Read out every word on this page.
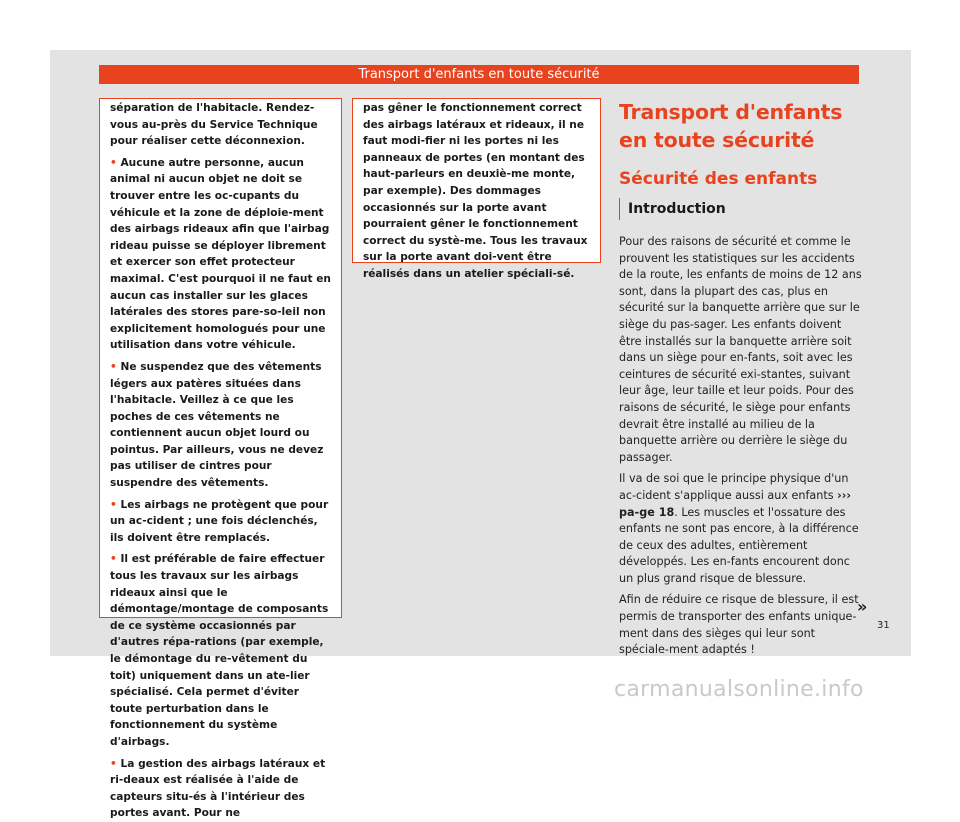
Transport d'enfants en toute sécurité

séparation de l'habitacle. Rendez-vous au-près du Service Technique pour réaliser cette déconnexion.

• Aucune autre personne, aucun animal ni aucun objet ne doit se trouver entre les oc-cupants du véhicule et la zone de déploie-ment des airbags rideaux afin que l'airbag rideau puisse se déployer librement et exercer son effet protecteur maximal. C'est pourquoi il ne faut en aucun cas installer sur les glaces latérales des stores pare-so-leil non explicitement homologués pour une utilisation dans votre véhicule.

• Ne suspendez que des vêtements légers aux patères situées dans l'habitacle. Veillez à ce que les poches de ces vêtements ne contiennent aucun objet lourd ou pointus. Par ailleurs, vous ne devez pas utiliser de cintres pour suspendre des vêtements.

• Les airbags ne protègent que pour un ac-cident ; une fois déclenchés, ils doivent être remplacés.

• Il est préférable de faire effectuer tous les travaux sur les airbags rideaux ainsi que le démontage/montage de composants de ce système occasionnés par d'autres répa-rations (par exemple, le démontage du re-vêtement du toit) uniquement dans un ate-lier spécialisé. Cela permet d'éviter toute perturbation dans le fonctionnement du système d'airbags.

• La gestion des airbags latéraux et ri-deaux est réalisée à l'aide de capteurs situ-és à l'intérieur des portes avant. Pour ne

pas gêner le fonctionnement correct des airbags latéraux et rideaux, il ne faut modi-fier ni les portes ni les panneaux de portes (en montant des haut-parleurs en deuxiè-me monte, par exemple). Des dommages occasionnés sur la porte avant pourraient gêner le fonctionnement correct du systè-me. Tous les travaux sur la porte avant doi-vent être réalisés dans un atelier spéciali-sé.

Transport d'enfants en toute sécurité
Sécurité des enfants
Introduction

Pour des raisons de sécurité et comme le prouvent les statistiques sur les accidents de la route, les enfants de moins de 12 ans sont, dans la plupart des cas, plus en sécurité sur la banquette arrière que sur le siège du pas-sager. Les enfants doivent être installés sur la banquette arrière soit dans un siège pour en-fants, soit avec les ceintures de sécurité exi-stantes, suivant leur âge, leur taille et leur poids. Pour des raisons de sécurité, le siège pour enfants devrait être installé au milieu de la banquette arrière ou derrière le siège du passager.

Il va de soi que le principe physique d'un ac-cident s'applique aussi aux enfants ››› pa-ge 18. Les muscles et l'ossature des enfants ne sont pas encore, à la différence de ceux des adultes, entièrement développés. Les en-fants encourent donc un plus grand risque de blessure.

Afin de réduire ce risque de blessure, il est permis de transporter des enfants unique-ment dans des sièges qui leur sont spéciale-ment adaptés !

»
31
carmanualsonline.info
